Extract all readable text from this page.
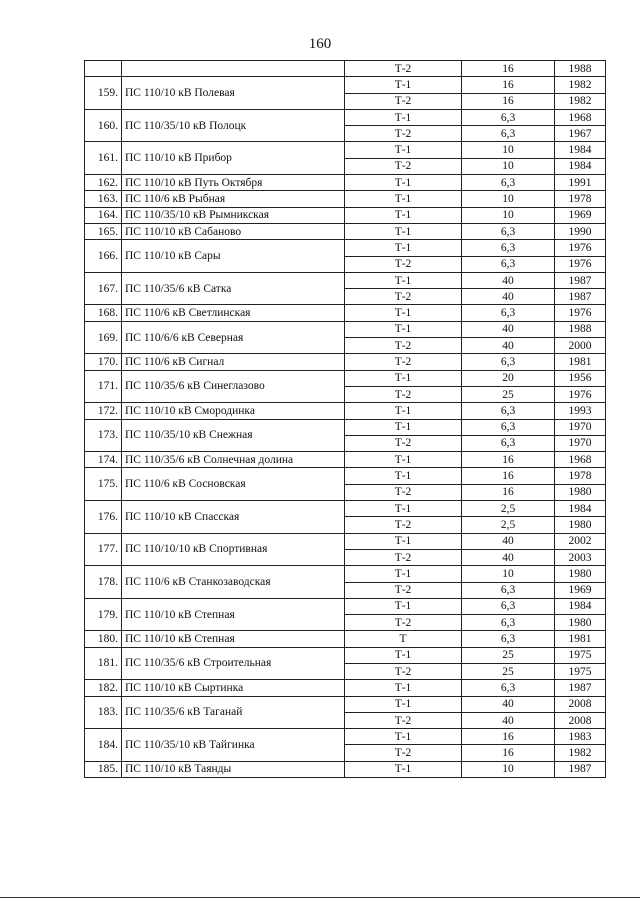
160
		Т-2	16	1988
159.	ПС 110/10 кВ Полевая	Т-1	16	1982
		Т-2	16	1982
160.	ПС 110/35/10 кВ Полоцк	Т-1	6,3	1968
		Т-2	6,3	1967
161.	ПС 110/10 кВ Прибор	Т-1	10	1984
		Т-2	10	1984
162.	ПС 110/10 кВ Путь Октября	Т-1	6,3	1991
163.	ПС 110/6 кВ Рыбная	Т-1	10	1978
164.	ПС 110/35/10 кВ Рымникская	Т-1	10	1969
165.	ПС 110/10 кВ Сабаново	Т-1	6,3	1990
166.	ПС 110/10 кВ Сары	Т-1	6,3	1976
		Т-2	6,3	1976
167.	ПС 110/35/6 кВ Сатка	Т-1	40	1987
		Т-2	40	1987
168.	ПС 110/6 кВ Светлинская	Т-1	6,3	1976
169.	ПС 110/6/6 кВ Северная	Т-1	40	1988
		Т-2	40	2000
170.	ПС 110/6 кВ Сигнал	Т-2	6,3	1981
171.	ПС 110/35/6 кВ Синеглазово	Т-1	20	1956
		Т-2	25	1976
172.	ПС 110/10 кВ Смородинка	Т-1	6,3	1993
173.	ПС 110/35/10 кВ Снежная	Т-1	6,3	1970
		Т-2	6,3	1970
174.	ПС 110/35/6 кВ Солнечная долина	Т-1	16	1968
175.	ПС 110/6 кВ Сосновская	Т-1	16	1978
		Т-2	16	1980
176.	ПС 110/10 кВ Спасская	Т-1	2,5	1984
		Т-2	2,5	1980
177.	ПС 110/10/10 кВ Спортивная	Т-1	40	2002
		Т-2	40	2003
178.	ПС 110/6 кВ Станкозаводская	Т-1	10	1980
		Т-2	6,3	1969
179.	ПС 110/10 кВ Степная	Т-1	6,3	1984
		Т-2	6,3	1980
180.	ПС 110/10 кВ Степная	Т	6,3	1981
181.	ПС 110/35/6 кВ Строительная	Т-1	25	1975
		Т-2	25	1975
182.	ПС 110/10 кВ Сыртинка	Т-1	6,3	1987
183.	ПС 110/35/6 кВ Таганай	Т-1	40	2008
		Т-2	40	2008
184.	ПС 110/35/10 кВ Тайгинка	Т-1	16	1983
		Т-2	16	1982
185.	ПС 110/10 кВ Таянды	Т-1	10	1987
